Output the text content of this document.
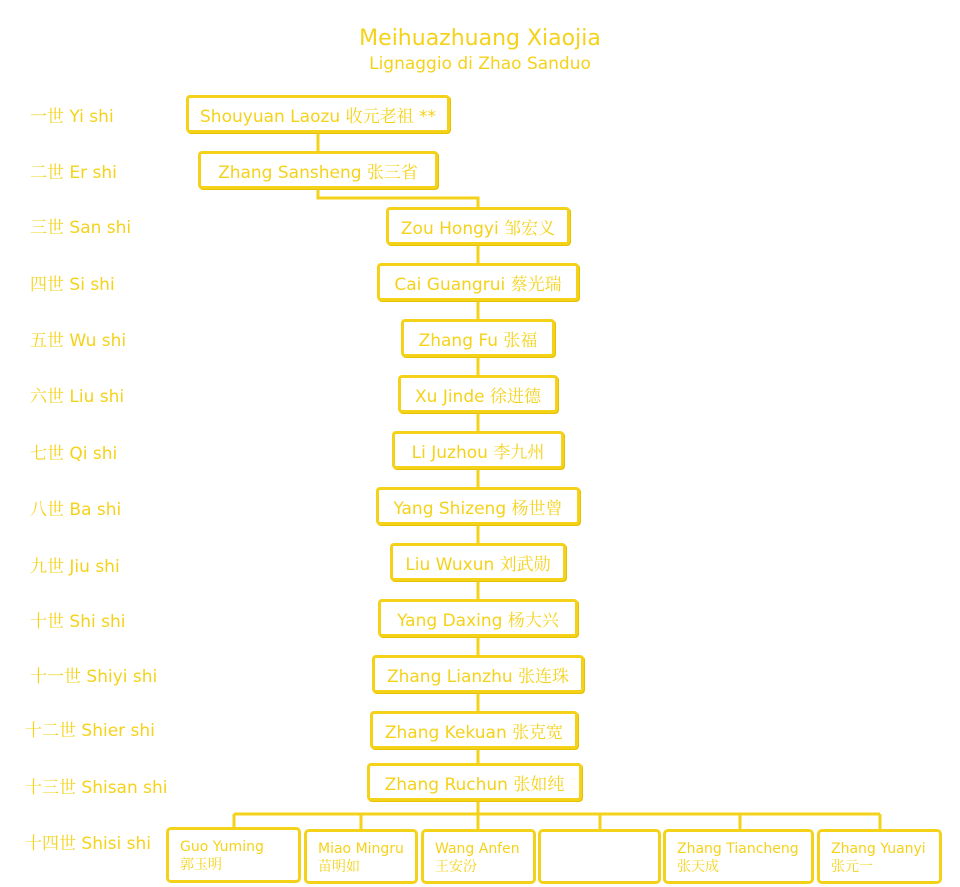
Meihuazhuang Xiaojia
Lignaggio di Zhao Sanduo
一世 Yi shi
二世 Er shi
三世 San shi
四世 Si shi
五世 Wu shi
六世 Liu shi
七世 Qi shi
八世 Ba shi
九世 Jiu shi
十世 Shi shi
十一世 Shiyi shi
十二世 Shier shi
十三世 Shisan shi
十四世 Shisi shi
Shouyuan Laozu 收元老祖 **
Zhang Sansheng 张三省
Zou Hongyi 邹宏义
Cai Guangrui 蔡光瑞
Zhang Fu 张福
Xu Jinde 徐进德
Li Juzhou 李九州
Yang Shizeng 杨世曾
Liu Wuxun 刘武勋
Yang Daxing 杨大兴
Zhang Lianzhu 张连珠
Zhang Kekuan 张克宽
Zhang Ruchun 张如纯
Guo Yuming
郭玉明
Miao Mingru
苗明如
Wang Anfen
王安汾
Zhang Tiancheng
张天成
Zhang Yuanyi
张元一
